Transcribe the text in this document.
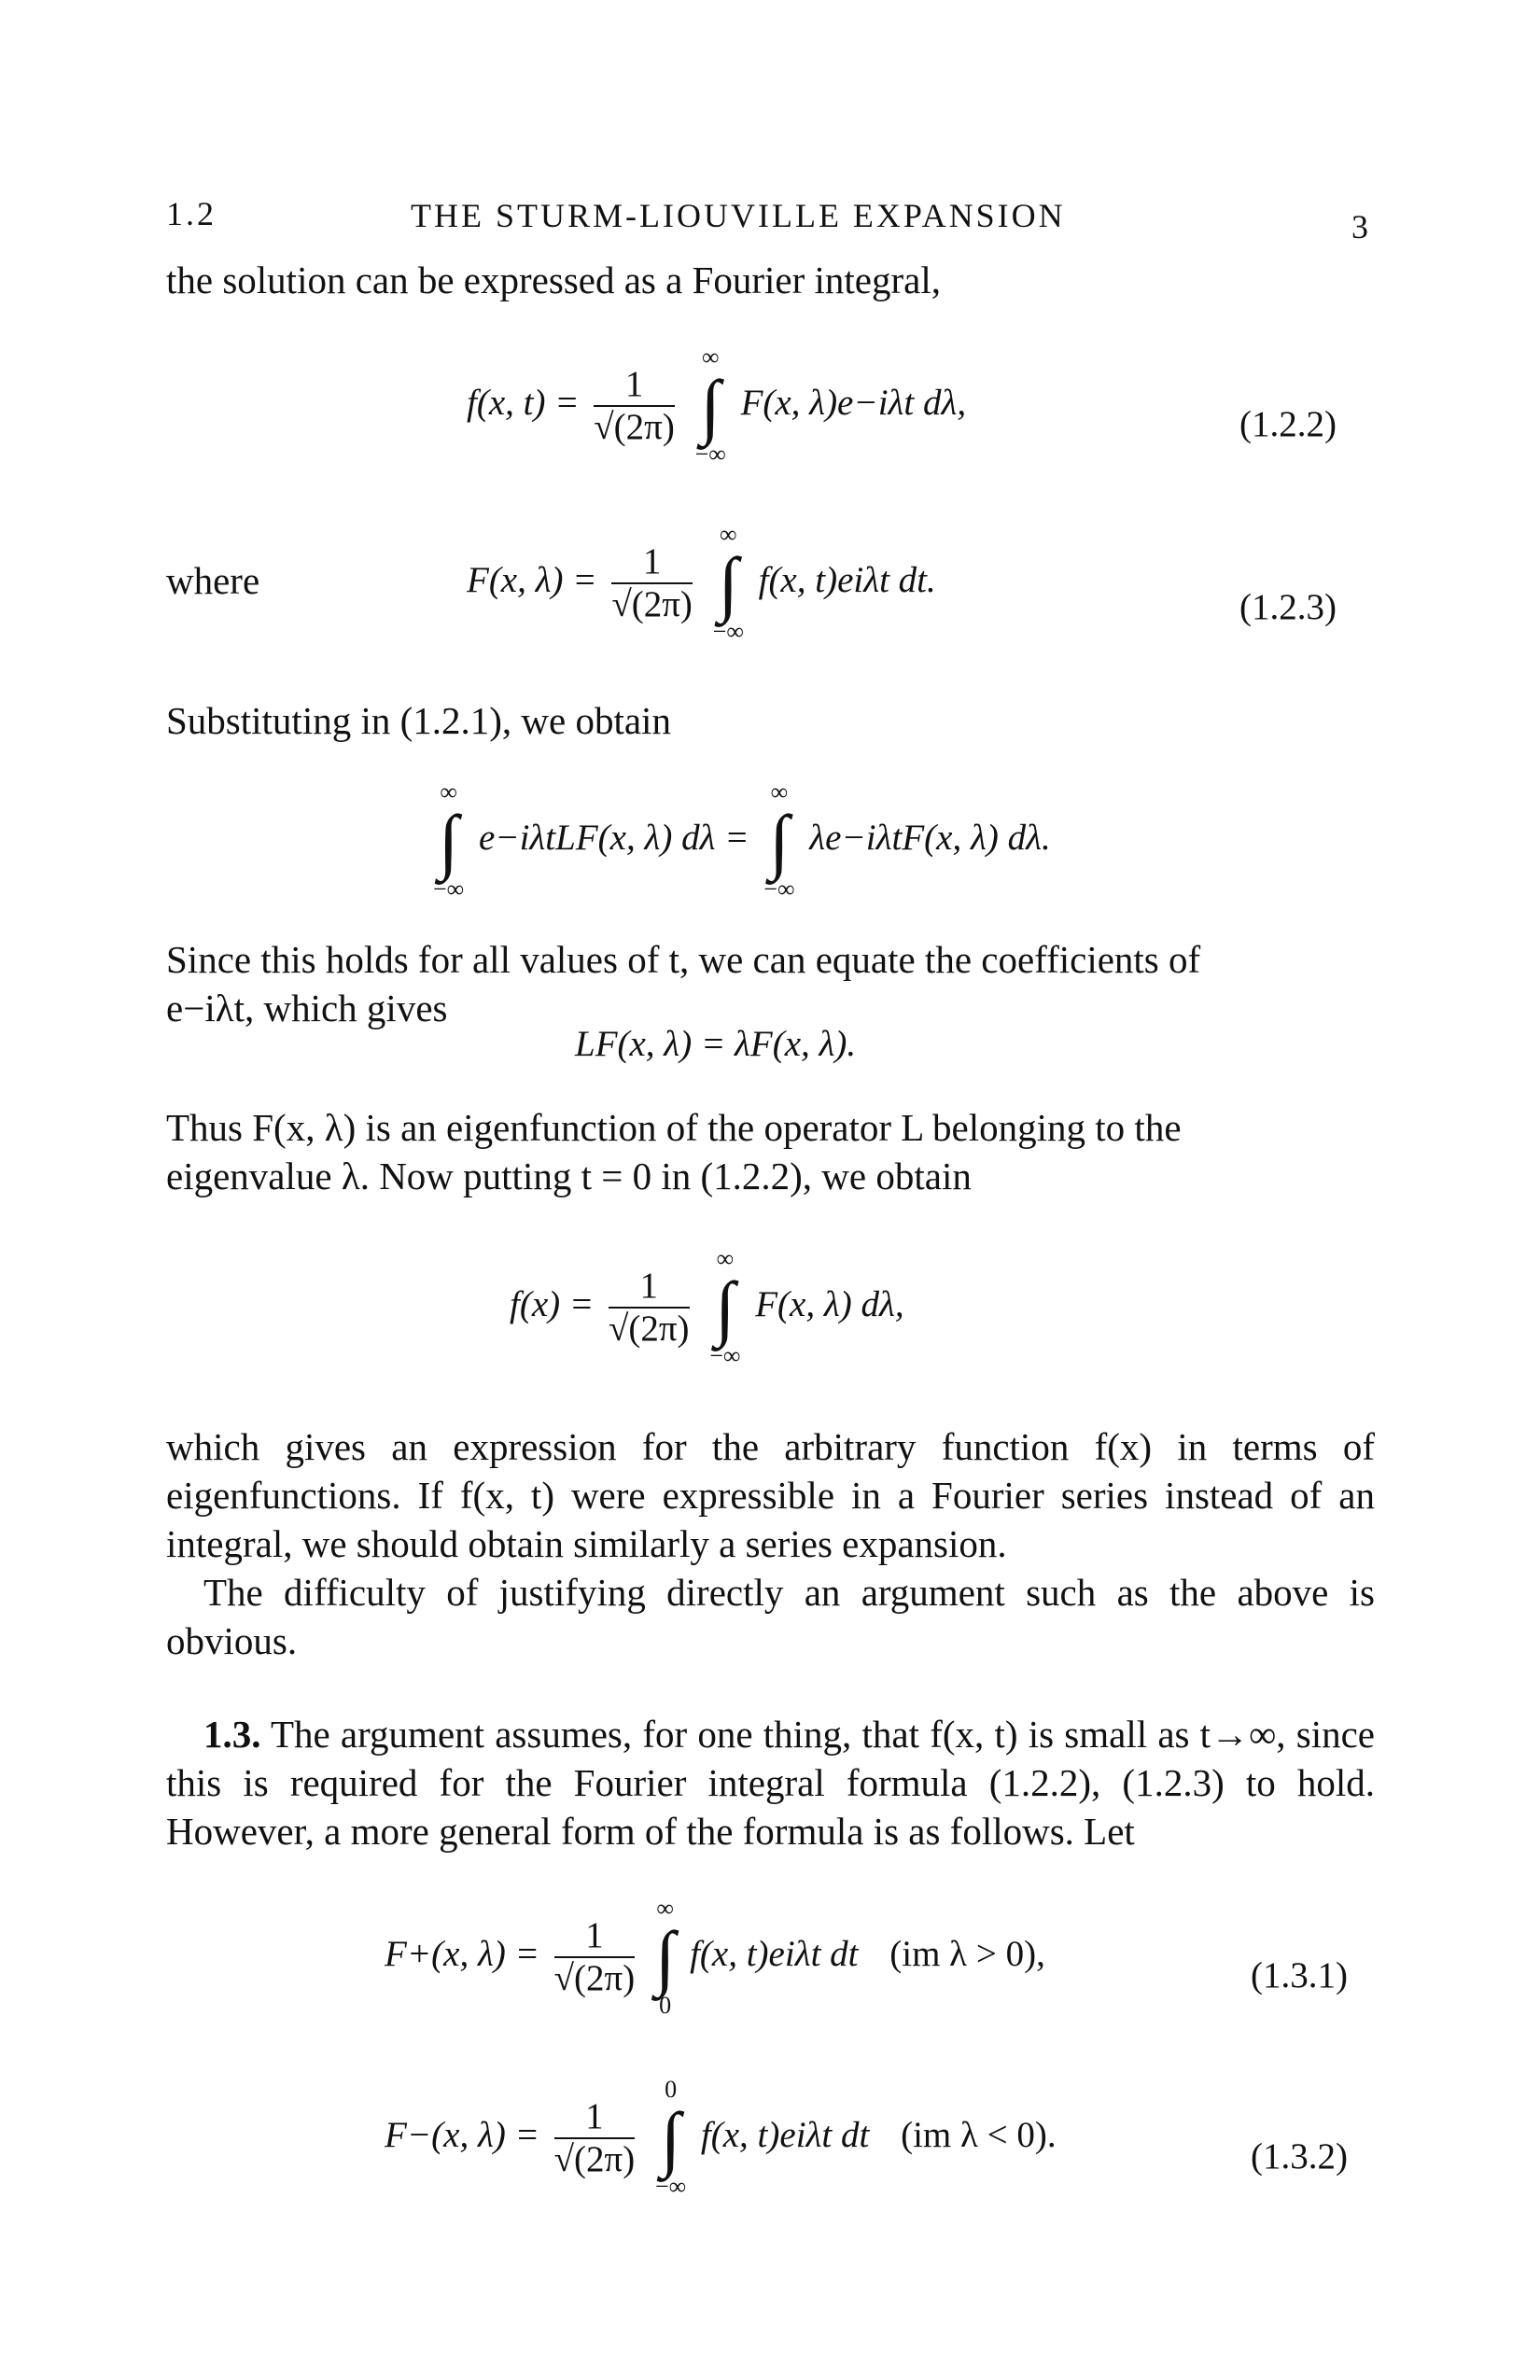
1.2	THE STURM-LIOUVILLE EXPANSION	3

the solution can be expressed as a Fourier integral,

f(x, $t) = \frac{1}{√(2\pi)}$

∞
∫
−∞
F(x, λ)e−iλt dλ,
(1.2.2)
where	F(x, $\lambda) = \frac{1}{√(2\pi)}$

∞
∫
−∞
f(x, t)eiλt dt.
(1.2.3)

Substituting in (1.2.1), we obtain

∞
∫
−∞
e−iλtLF(x, λ) dλ =
∞
∫
−∞
λe−iλtF(x, λ) dλ.

Since this holds for all values of t, we can equate the coefficients of

e−iλt, which gives

LF(x, λ) = λF(x, λ).

Thus F(x, λ) is an eigenfunction of the operator L belonging to the

eigenvalue λ. Now putting t = 0 in (1.2.2), we obtain

$f(x) = \frac{1}{√(2\pi)}$

∞
∫
−∞
F(x, λ) dλ,

which gives an expression for the arbitrary function f(x) in terms of eigenfunctions. If f(x, t) were expressible in a Fourier series instead of an integral, we should obtain similarly a series expansion.

The difficulty of justifying directly an argument such as the above is obvious.

1.3. The argument assumes, for one thing, that f(x, t) is small as t→∞, since this is required for the Fourier integral formula (1.2.2), (1.2.3) to hold. However, a more general form of the formula is as follows. Let

F+(x, $\lambda) = \frac{1}{√(2\pi)}$

∞
∫
0
f(x, t)eiλt dt (im λ > 0),
(1.3.1)
F−(x, $\lambda) = \frac{1}{√(2\pi)}$

0
∫
−∞
f(x, t)eiλt dt (im λ < 0).
(1.3.2)
